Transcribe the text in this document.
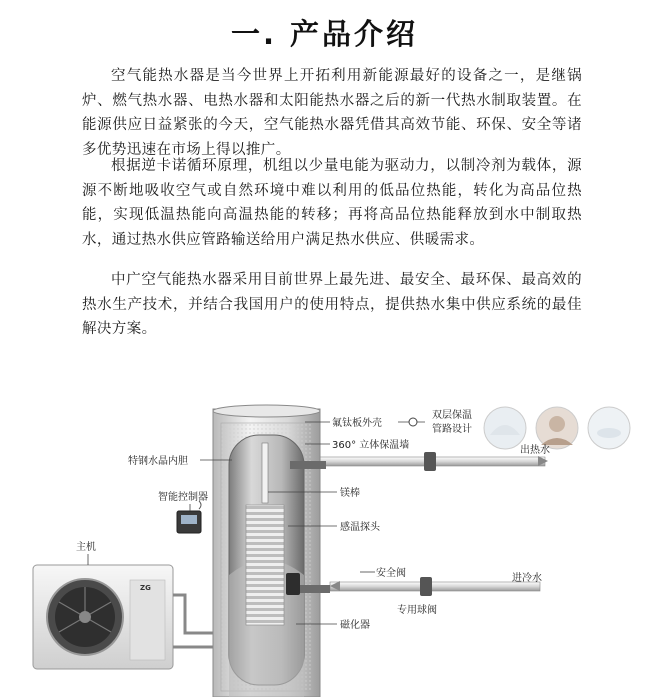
一. 产品介绍

空气能热水器是当今世界上开拓利用新能源最好的设备之一，是继锅炉、燃气热水器、电热水器和太阳能热水器之后的新一代热水制取装置。在能源供应日益紧张的今天，空气能热水器凭借其高效节能、环保、安全等诸多优势迅速在市场上得以推广。

根据逆卡诺循环原理，机组以少量电能为驱动力，以制冷剂为载体，源源不断地吸收空气或自然环境中难以利用的低品位热能，转化为高品位热能，实现低温热能向高温热能的转移；再将高品位热能释放到水中制取热水，通过热水供应管路输送给用户满足热水供应、供暖需求。

中广空气能热水器采用目前世界上最先进、最安全、最环保、最高效的热水生产技术，并结合我国用户的使用特点，提供热水集中供应系统的最佳解决方案。

ZG
氟钛板外壳
360° 立体保温墙
双层保温
管路设计
出热水
特钢水晶内胆
智能控制器	镁棒
感温探头
主机
安全阀	进冷水
专用球阀
磁化器
